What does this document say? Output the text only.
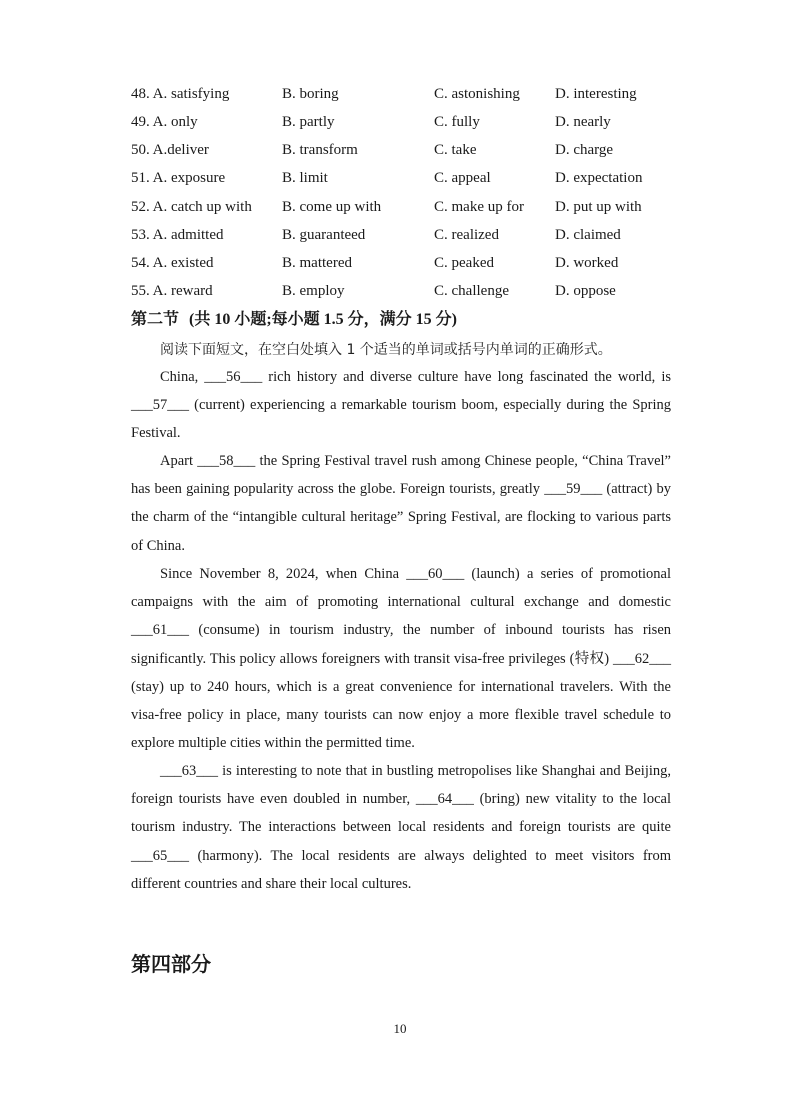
48. A. satisfying	B. boring	C. astonishing D. interesting
49. A. only	B. partly	C. fully	D. nearly
50. A.deliver	B. transform	C. take	D. charge
51. A. exposure	B. limit	C. appeal	D. expectation
52. A. catch up with B. come up with	C. make up for D. put up with
53. A. admitted	B. guaranteed	C. realized	D. claimed
54. A. existed	B. mattered	C. peaked	D. worked
55. A. reward	B. employ	C. challenge	D. oppose
第二节 (共 10 小题;每小题 1.5 分，满分 15 分)
阅读下面短文，在空白处填入 1 个适当的单词或括号内单词的正确形式。

China, ___56___ rich history and diverse culture have long fascinated the world, is ___57___ (current) experiencing a remarkable tourism boom, especially during the Spring Festival.

Apart ___58___ the Spring Festival travel rush among Chinese people, “China Travel” has been gaining popularity across the globe. Foreign tourists, greatly ___59___ (attract) by the charm of the “intangible cultural heritage” Spring Festival, are flocking to various parts of China.

Since November 8, 2024, when China ___60___ (launch) a series of promotional campaigns with the aim of promoting international cultural exchange and domestic ___61___ (consume) in tourism industry, the number of inbound tourists has risen significantly. This policy allows foreigners with transit visa-free privileges (特权) ___62___ (stay) up to 240 hours, which is a great convenience for international travelers. With the visa-free policy in place, many tourists can now enjoy a more flexible travel schedule to explore multiple cities within the permitted time.

___63___ is interesting to note that in bustling metropolises like Shanghai and Beijing, foreign tourists have even doubled in number, ___64___ (bring) new vitality to the local tourism industry. The interactions between local residents and foreign tourists are quite ___65___ (harmony). The local residents are always delighted to meet visitors from different countries and share their local cultures.

第四部分
10
